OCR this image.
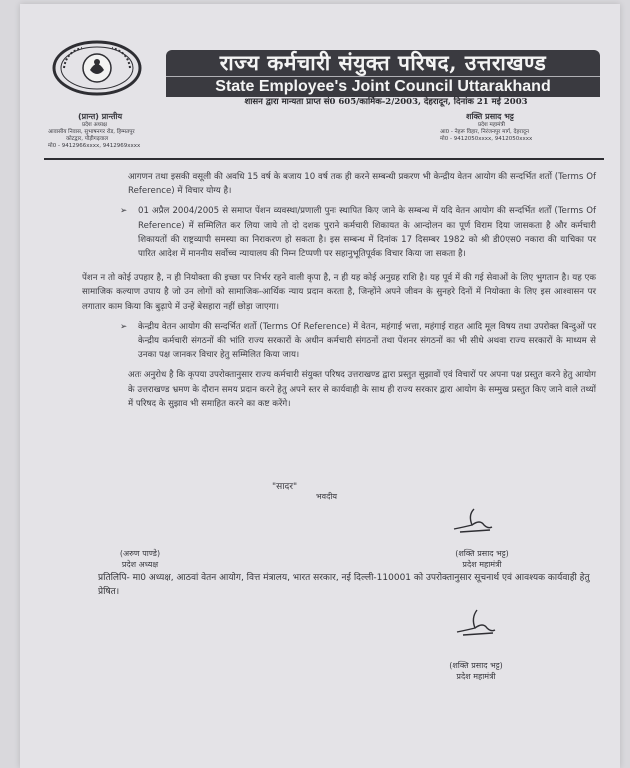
राज्य कर्मचारी संयुक्त परिषद, उत्तराखण्ड
State Employee's Joint Council Uttarakhand
शासन द्वारा मान्यता प्राप्त सं0 605/कार्मिक-2/2003, देहरादून, दिनांक 21 मई 2003
(प्रान्त) प्रान्तीय
प्रदेश अध्यक्ष
आवासीय निवास, सुभाषनगर रोड, हिम्मतपुर
कोटद्वार, पौड़ीगढ़वाल
मो0 - 9412966xxxx, 9412969xxxx
शक्ति प्रसाद भट्ट
प्रदेश महामंत्री
आ0 - नेहरू विहार, निरंजनपुर मार्ग, देहरादून
मो0 - 9412050xxxx, 9412050xxxx

आगणन तथा इसकी वसूली की अवधि 15 वर्ष के बजाय 10 वर्ष तक ही करने सम्बन्धी प्रकरण भी केन्द्रीय वेतन आयोग की सन्दर्भित शर्तो (Terms Of Reference) में विचार योग्य है।

➢ 01 अप्रैल 2004/2005 से समाप्त पेंशन व्यवस्था/प्रणाली पुनः स्थापित किए जाने के सम्बन्ध में यदि वेतन आयोग की सन्दर्भित शर्तों (Terms Of Reference) में सम्मिलित कर लिया जाये तो दो दशक पुराने कर्मचारी शिकायत के आन्दोलन का पूर्ण विराम दिया जासकता है और कर्मचारी शिकायतों की राष्ट्रव्यापी समस्या का निराकरण हो सकता है। इस सम्बन्ध में दिनांक 17 दिसम्बर 1982 को श्री डी0एस0 नकारा की याचिका पर पारित आदेश में माननीय सर्वोच्च न्यायालय की निम्न टिप्पणी पर सहानुभूतिपूर्वक विचार किया जा सकता है।

पेंशन न तो कोई उपहार है, न ही नियोक्ता की इच्छा पर निर्भर रहने वाली कृपा है, न ही यह कोई अनुग्रह राशि है। यह पूर्व में की गई सेवाओं के लिए भुगतान है। यह एक सामाजिक कल्याण उपाय है जो उन लोगों को सामाजिक-आर्थिक न्याय प्रदान करता है, जिन्होंने अपने जीवन के सुनहरे दिनों में नियोक्ता के लिए इस आश्वासन पर लगातार काम किया कि बुढ़ापे में उन्हें बेसहारा नहीं छोड़ा जाएगा।

➢ केन्द्रीय वेतन आयोग की सन्दर्भित शर्तो (Terms Of Reference) में वेतन, महंगाई भत्ता, महंगाई राहत आदि मूल विषय तथा उपरोक्त बिन्दुओं पर केन्द्रीय कर्मचारी संगठनों की भांति राज्य सरकारों के अधीन कर्मचारी संगठनों तथा पेंशनर संगठनों का भी सीधे अथवा राज्य सरकारों के माध्यम से उनका पक्ष जानकर विचार हेतु सम्मिलित किया जाय।

अतः अनुरोध है कि कृपया उपरोक्तानुसार राज्य कर्मचारी संयुक्त परिषद उत्तराखण्ड द्वारा प्रस्तुत सुझावों एवं विचारों पर अपना पक्ष प्रस्तुत करने हेतु आयोग के उत्तराखण्ड भ्रमण के दौरान समय प्रदान करने हेतु अपने स्तर से कार्यवाही के साथ ही राज्य सरकार द्वारा आयोग के सम्मुख प्रस्तुत किए जाने वाले तथ्यों में परिषद के सुझाव भी समाहित करने का कष्ट करेंगे।

"सादर"
भवदीय
(अरुण पाण्डे)
प्रदेश अध्यक्ष
(शक्ति प्रसाद भट्ट)
प्रदेश महामंत्री
प्रतिलिपि- मा0 अध्यक्ष, आठवां वेतन आयोग, वित्त मंत्रालय, भारत सरकार, नई दिल्ली-110001 को उपरोक्तानुसार सूचनार्थ एवं आवश्यक कार्यवाही हेतु प्रेषित।
(शक्ति प्रसाद भट्ट)
प्रदेश महामंत्री
